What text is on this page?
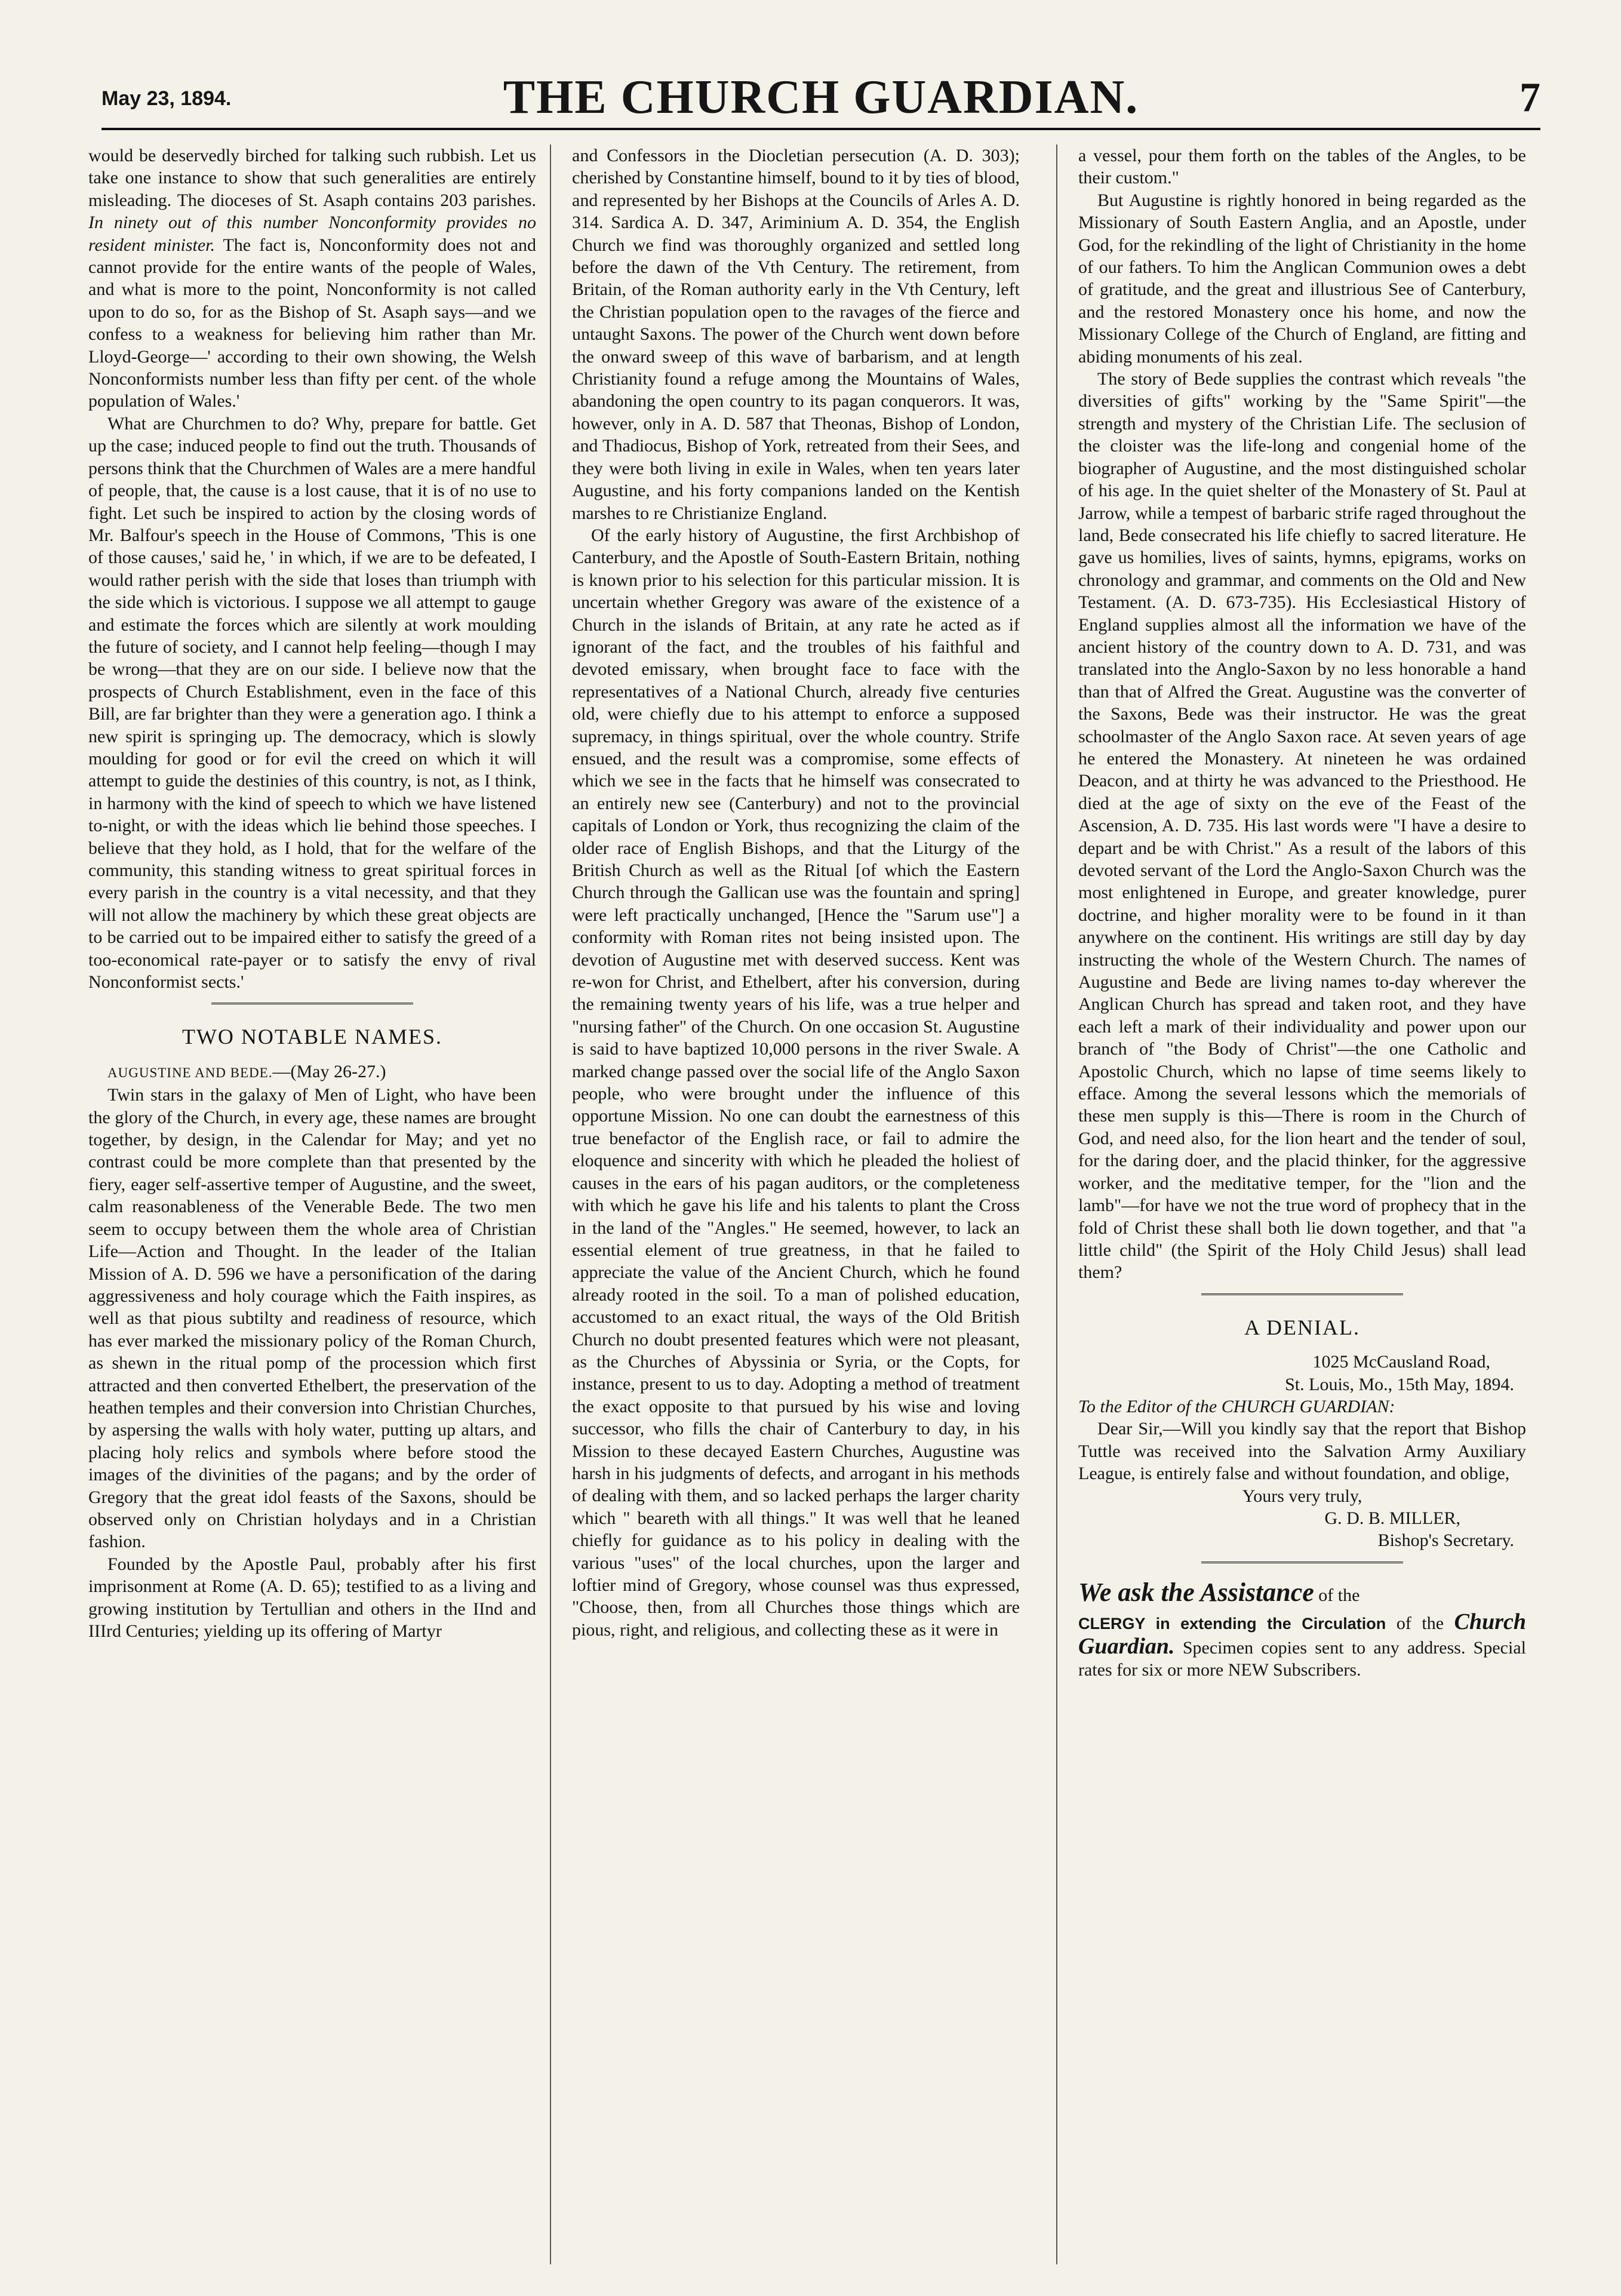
May 23, 1894.	THE CHURCH GUARDIAN.	7

would be deservedly birched for talking such rubbish. Let us take one instance to show that such generalities are entirely misleading. The dioceses of St. Asaph contains 203 parishes. In ninety out of this number Nonconformity provides no resident minister. The fact is, Nonconformity does not and cannot provide for the entire wants of the people of Wales, and what is more to the point, Nonconformity is not called upon to do so, for as the Bishop of St. Asaph says—and we confess to a weakness for believing him rather than Mr. Lloyd-George—' according to their own showing, the Welsh Nonconformists number less than fifty per cent. of the whole population of Wales.'

What are Churchmen to do? Why, prepare for battle. Get up the case; induced people to find out the truth. Thousands of persons think that the Churchmen of Wales are a mere handful of people, that, the cause is a lost cause, that it is of no use to fight. Let such be inspired to action by the closing words of Mr. Balfour's speech in the House of Commons, 'This is one of those causes,' said he, ' in which, if we are to be defeated, I would rather perish with the side that loses than triumph with the side which is victorious. I suppose we all attempt to gauge and estimate the forces which are silently at work moulding the future of society, and I cannot help feeling—though I may be wrong—that they are on our side. I believe now that the prospects of Church Establishment, even in the face of this Bill, are far brighter than they were a generation ago. I think a new spirit is springing up. The democracy, which is slowly moulding for good or for evil the creed on which it will attempt to guide the destinies of this country, is not, as I think, in harmony with the kind of speech to which we have listened to-night, or with the ideas which lie behind those speeches. I believe that they hold, as I hold, that for the welfare of the community, this standing witness to great spiritual forces in every parish in the country is a vital necessity, and that they will not allow the machinery by which these great objects are to be carried out to be impaired either to satisfy the greed of a too-economical rate-payer or to satisfy the envy of rival Nonconformist sects.'

TWO NOTABLE NAMES.

AUGUSTINE AND BEDE.—(May 26-27.)

Twin stars in the galaxy of Men of Light, who have been the glory of the Church, in every age, these names are brought together, by design, in the Calendar for May; and yet no contrast could be more complete than that presented by the fiery, eager self-assertive temper of Augustine, and the sweet, calm reasonableness of the Venerable Bede. The two men seem to occupy between them the whole area of Christian Life—Action and Thought. In the leader of the Italian Mission of A. D. 596 we have a personification of the daring aggressiveness and holy courage which the Faith inspires, as well as that pious subtilty and readiness of resource, which has ever marked the missionary policy of the Roman Church, as shewn in the ritual pomp of the procession which first attracted and then converted Ethelbert, the preservation of the heathen temples and their conversion into Christian Churches, by aspersing the walls with holy water, putting up altars, and placing holy relics and symbols where before stood the images of the divinities of the pagans; and by the order of Gregory that the great idol feasts of the Saxons, should be observed only on Christian holydays and in a Christian fashion.

Founded by the Apostle Paul, probably after his first imprisonment at Rome (A. D. 65); testified to as a living and growing institution by Tertullian and others in the IInd and IIIrd Centuries; yielding up its offering of Martyr

and Confessors in the Diocletian persecution (A. D. 303); cherished by Constantine himself, bound to it by ties of blood, and represented by her Bishops at the Councils of Arles A. D. 314. Sardica A. D. 347, Ariminium A. D. 354, the English Church we find was thoroughly organized and settled long before the dawn of the Vth Century. The retirement, from Britain, of the Roman authority early in the Vth Century, left the Christian population open to the ravages of the fierce and untaught Saxons. The power of the Church went down before the onward sweep of this wave of barbarism, and at length Christianity found a refuge among the Mountains of Wales, abandoning the open country to its pagan conquerors. It was, however, only in A. D. 587 that Theonas, Bishop of London, and Thadiocus, Bishop of York, retreated from their Sees, and they were both living in exile in Wales, when ten years later Augustine, and his forty companions landed on the Kentish marshes to re Christianize England.

Of the early history of Augustine, the first Archbishop of Canterbury, and the Apostle of South-Eastern Britain, nothing is known prior to his selection for this particular mission. It is uncertain whether Gregory was aware of the existence of a Church in the islands of Britain, at any rate he acted as if ignorant of the fact, and the troubles of his faithful and devoted emissary, when brought face to face with the representatives of a National Church, already five centuries old, were chiefly due to his attempt to enforce a supposed supremacy, in things spiritual, over the whole country. Strife ensued, and the result was a compromise, some effects of which we see in the facts that he himself was consecrated to an entirely new see (Canterbury) and not to the provincial capitals of London or York, thus recognizing the claim of the older race of English Bishops, and that the Liturgy of the British Church as well as the Ritual [of which the Eastern Church through the Gallican use was the fountain and spring] were left practically unchanged, [Hence the "Sarum use"] a conformity with Roman rites not being insisted upon. The devotion of Augustine met with deserved success. Kent was re-won for Christ, and Ethelbert, after his conversion, during the remaining twenty years of his life, was a true helper and "nursing father" of the Church. On one occasion St. Augustine is said to have baptized 10,000 persons in the river Swale. A marked change passed over the social life of the Anglo Saxon people, who were brought under the influence of this opportune Mission. No one can doubt the earnestness of this true benefactor of the English race, or fail to admire the eloquence and sincerity with which he pleaded the holiest of causes in the ears of his pagan auditors, or the completeness with which he gave his life and his talents to plant the Cross in the land of the "Angles." He seemed, however, to lack an essential element of true greatness, in that he failed to appreciate the value of the Ancient Church, which he found already rooted in the soil. To a man of polished education, accustomed to an exact ritual, the ways of the Old British Church no doubt presented features which were not pleasant, as the Churches of Abyssinia or Syria, or the Copts, for instance, present to us to day. Adopting a method of treatment the exact opposite to that pursued by his wise and loving successor, who fills the chair of Canterbury to day, in his Mission to these decayed Eastern Churches, Augustine was harsh in his judgments of defects, and arrogant in his methods of dealing with them, and so lacked perhaps the larger charity which " beareth with all things." It was well that he leaned chiefly for guidance as to his policy in dealing with the various "uses" of the local churches, upon the larger and loftier mind of Gregory, whose counsel was thus expressed, "Choose, then, from all Churches those things which are pious, right, and religious, and collecting these as it were in

a vessel, pour them forth on the tables of the Angles, to be their custom."

But Augustine is rightly honored in being regarded as the Missionary of South Eastern Anglia, and an Apostle, under God, for the rekindling of the light of Christianity in the home of our fathers. To him the Anglican Communion owes a debt of gratitude, and the great and illustrious See of Canterbury, and the restored Monastery once his home, and now the Missionary College of the Church of England, are fitting and abiding monuments of his zeal.

The story of Bede supplies the contrast which reveals "the diversities of gifts" working by the "Same Spirit"—the strength and mystery of the Christian Life. The seclusion of the cloister was the life-long and congenial home of the biographer of Augustine, and the most distinguished scholar of his age. In the quiet shelter of the Monastery of St. Paul at Jarrow, while a tempest of barbaric strife raged throughout the land, Bede consecrated his life chiefly to sacred literature. He gave us homilies, lives of saints, hymns, epigrams, works on chronology and grammar, and comments on the Old and New Testament. (A. D. 673-735). His Ecclesiastical History of England supplies almost all the information we have of the ancient history of the country down to A. D. 731, and was translated into the Anglo-Saxon by no less honorable a hand than that of Alfred the Great. Augustine was the converter of the Saxons, Bede was their instructor. He was the great schoolmaster of the Anglo Saxon race. At seven years of age he entered the Monastery. At nineteen he was ordained Deacon, and at thirty he was advanced to the Priesthood. He died at the age of sixty on the eve of the Feast of the Ascension, A. D. 735. His last words were "I have a desire to depart and be with Christ." As a result of the labors of this devoted servant of the Lord the Anglo-Saxon Church was the most enlightened in Europe, and greater knowledge, purer doctrine, and higher morality were to be found in it than anywhere on the continent. His writings are still day by day instructing the whole of the Western Church. The names of Augustine and Bede are living names to-day wherever the Anglican Church has spread and taken root, and they have each left a mark of their individuality and power upon our branch of "the Body of Christ"—the one Catholic and Apostolic Church, which no lapse of time seems likely to efface. Among the several lessons which the memorials of these men supply is this—There is room in the Church of God, and need also, for the lion heart and the tender of soul, for the daring doer, and the placid thinker, for the aggressive worker, and the meditative temper, for the "lion and the lamb"—for have we not the true word of prophecy that in the fold of Christ these shall both lie down together, and that "a little child" (the Spirit of the Holy Child Jesus) shall lead them?

A DENIAL.

1025 McCausland Road,

St. Louis, Mo., 15th May, 1894.

To the Editor of the CHURCH GUARDIAN:

Dear Sir,—Will you kindly say that the report that Bishop Tuttle was received into the Salvation Army Auxiliary League, is entirely false and without foundation, and oblige,

Yours very truly,

G. D. B. MILLER,

Bishop's Secretary.

We ask the Assistance of the

CLERGY in extending the Circulation of the Church Guardian. Specimen copies sent to any address. Special rates for six or more NEW Subscribers.
